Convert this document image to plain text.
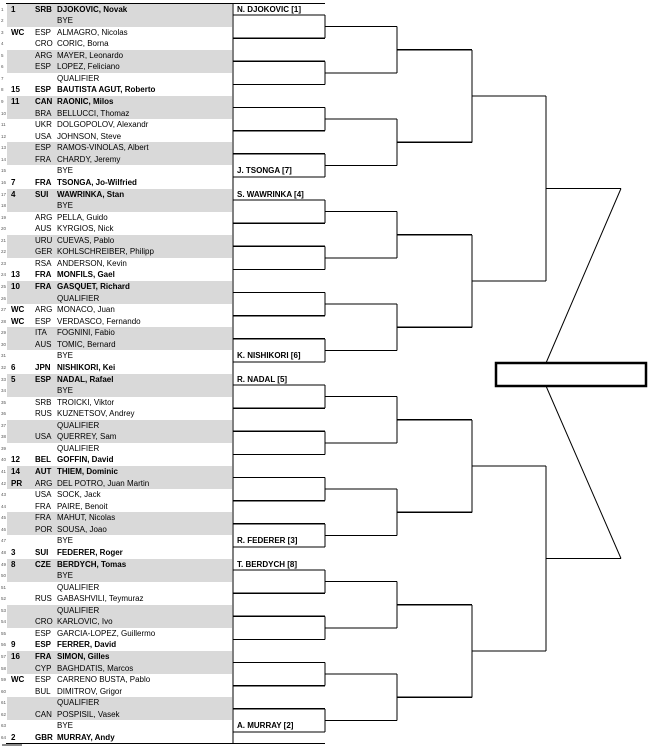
1 1 SRB DJOKOVIC, Novak
2	BYE
3 WC ESP ALMAGRO, Nicolas
4	CRO CORIC, Borna
5	ARG MAYER, Leonardo
6	ESP LOPEZ, Feliciano
7	QUALIFIER
8 15 ESP BAUTISTA AGUT, Roberto
9 11 CAN RAONIC, Milos
10	BRA BELLUCCI, Thomaz
11	UKR DOLGOPOLOV, Alexandr
12	USA JOHNSON, Steve
13	ESP RAMOS-VINOLAS, Albert
14	FRA CHARDY, Jeremy
15	BYE
16 7 FRA TSONGA, Jo-Wilfried
17 4 SUI WAWRINKA, Stan
18	BYE
19	ARG PELLA, Guido
20	AUS KYRGIOS, Nick
21	URU CUEVAS, Pablo
22	GER KOHLSCHREIBER, Philipp
23	RSA ANDERSON, Kevin
24 13 FRA MONFILS, Gael
25 10 FRA GASQUET, Richard
26	QUALIFIER
27 WC ARG MONACO, Juan
28 WC ESP VERDASCO, Fernando
29	ITA FOGNINI, Fabio
30	AUS TOMIC, Bernard
31	BYE
32 6 JPN NISHIKORI, Kei
33 5 ESP NADAL, Rafael
34	BYE
35	SRB TROICKI, Viktor
36	RUS KUZNETSOV, Andrey
37	QUALIFIER
38	USA QUERREY, Sam
39	QUALIFIER
40 12 BEL GOFFIN, David
41 14 AUT THIEM, Dominic
42 PR ARG DEL POTRO, Juan Martin
43	USA SOCK, Jack
44	FRA PAIRE, Benoit
45	FRA MAHUT, Nicolas
46	POR SOUSA, Joao
47	BYE
48 3 SUI FEDERER, Roger
49 8 CZE BERDYCH, Tomas
50	BYE
51	QUALIFIER
52	RUS GABASHVILI, Teymuraz
53	QUALIFIER
54	CRO KARLOVIC, Ivo
55	ESP GARCIA-LOPEZ, Guillermo
56 9 ESP FERRER, David
57 16 FRA SIMON, Gilles
58	CYP BAGHDATIS, Marcos
59 WC ESP CARRENO BUSTA, Pablo
60	BUL DIMITROV, Grigor
61	QUALIFIER
62	CAN POSPISIL, Vasek
63	BYE
64 2 GBR MURRAY, Andy
N. DJOKOVIC [1]
J. TSONGA [7]
S. WAWRINKA [4]
K. NISHIKORI [6]
R. NADAL [5]
R. FEDERER [3]
T. BERDYCH [8]
A. MURRAY [2]
